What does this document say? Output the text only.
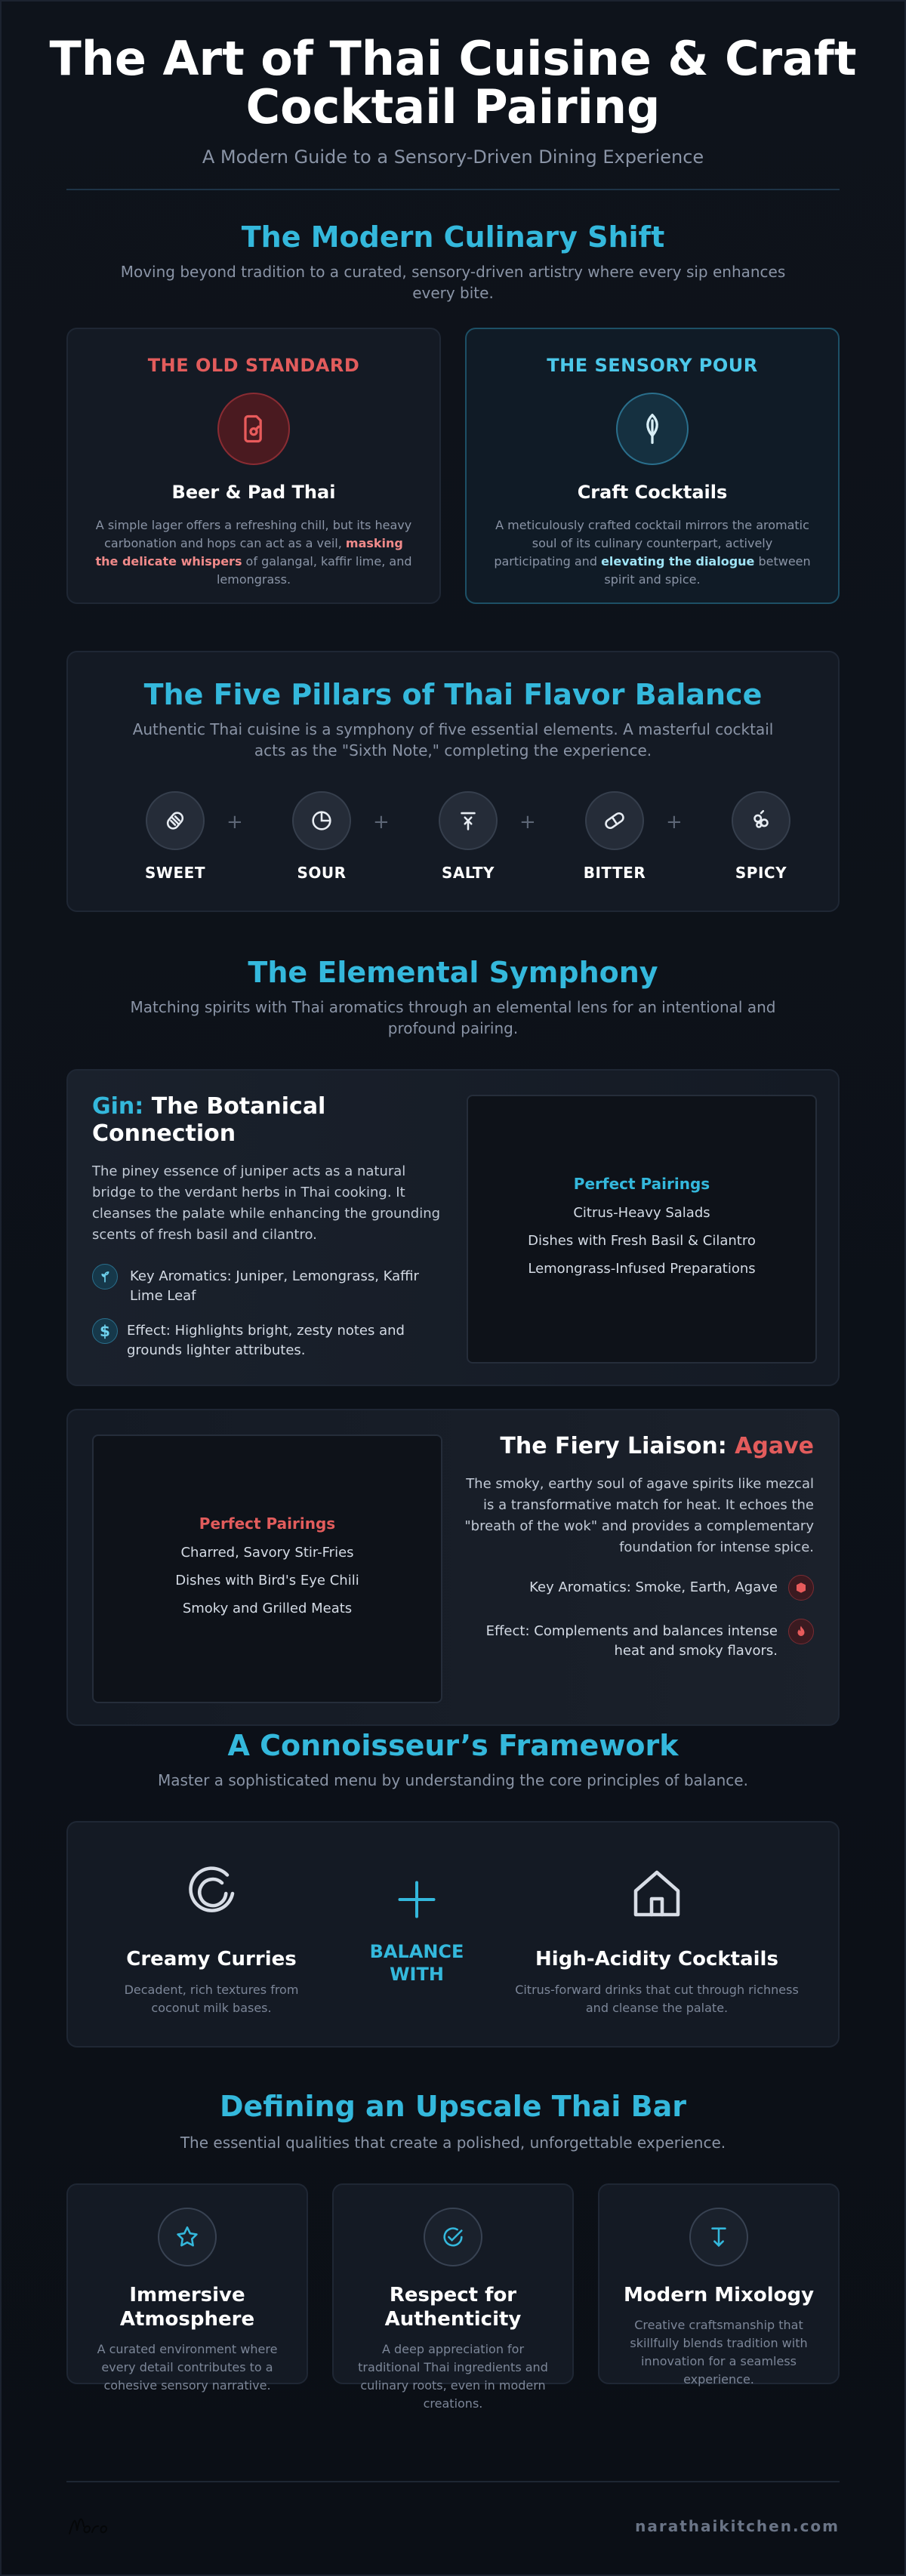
The Art of Thai Cuisine & Craft Cocktail Pairing
A Modern Guide to a Sensory-Driven Dining Experience
The Modern Culinary Shift
Moving beyond tradition to a curated, sensory-driven artistry where every sip enhances every bite.
THE OLD STANDARD
Beer & Pad Thai
A simple lager offers a refreshing chill, but its heavy carbonation and hops can act as a veil, masking the delicate whispers of galangal, kaffir lime, and lemongrass.
THE SENSORY POUR
Craft Cocktails
A meticulously crafted cocktail mirrors the aromatic soul of its culinary counterpart, actively participating and elevating the dialogue between spirit and spice.
The Five Pillars of Thai Flavor Balance
Authentic Thai cuisine is a symphony of five essential elements. A masterful cocktail acts as the "Sixth Note," completing the experience.
SWEET
+
SOUR
+
SALTY
+
BITTER
+
SPICY
The Elemental Symphony
Matching spirits with Thai aromatics through an elemental lens for an intentional and profound pairing.
Gin: The Botanical Connection
The piney essence of juniper acts as a natural bridge to the verdant herbs in Thai cooking. It cleanses the palate while enhancing the grounding scents of fresh basil and cilantro.
Key Aromatics: Juniper, Lemongrass, Kaffir Lime Leaf
$ Effect: Highlights bright, zesty notes and grounds lighter attributes.
Perfect Pairings
Citrus-Heavy Salads
Dishes with Fresh Basil & Cilantro
Lemongrass-Infused Preparations
Perfect Pairings
Charred, Savory Stir-Fries
Dishes with Bird's Eye Chili
Smoky and Grilled Meats
The Fiery Liaison: Agave
The smoky, earthy soul of agave spirits like mezcal is a transformative match for heat. It echoes the "breath of the wok" and provides a complementary foundation for intense spice.
Key Aromatics: Smoke, Earth, Agave
Effect: Complements and balances intense heat and smoky flavors.
A Connoisseur’s Framework
Master a sophisticated menu by understanding the core principles of balance.
Creamy Curries
Decadent, rich textures from coconut milk bases.
BALANCE WITH
High-Acidity Cocktails
Citrus-forward drinks that cut through richness and cleanse the palate.
Defining an Upscale Thai Bar
The essential qualities that create a polished, unforgettable experience.
Immersive Atmosphere
A curated environment where every detail contributes to a cohesive sensory narrative.
Respect for Authenticity
A deep appreciation for traditional Thai ingredients and culinary roots, even in modern creations.
Modern Mixology
Creative craftsmanship that skillfully blends tradition with innovation for a seamless experience.
narathaikitchen.com
